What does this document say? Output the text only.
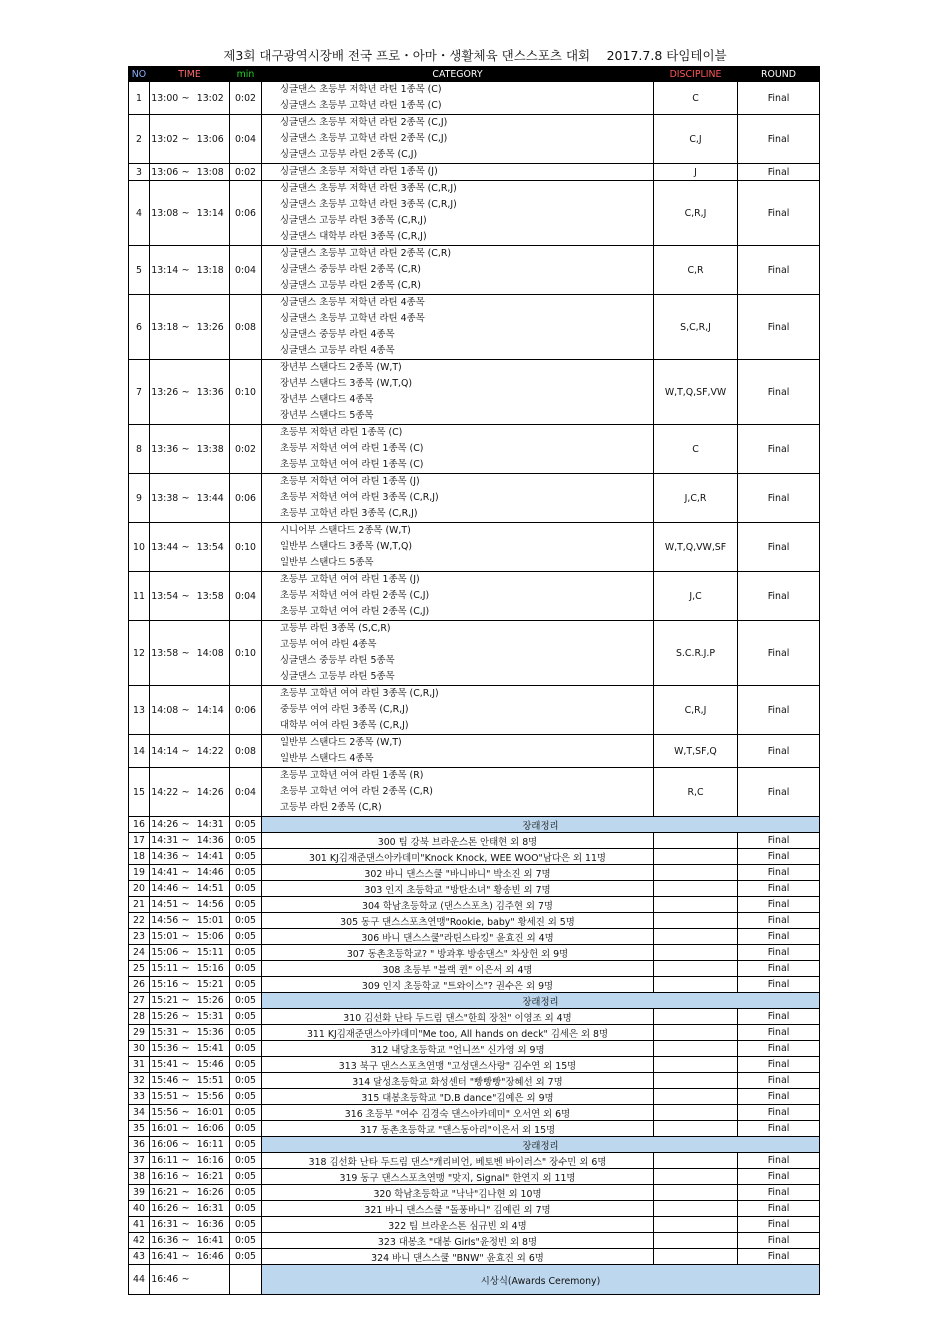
제3회 대구광역시장배 전국 프로・아마・생활체육 댄스스포츠 대회　 2017.7.8 타임테이블
NO	TIME			min	CATEGORY	DISCIPLINE	ROUND
1	13:00	~	13:02	0:02	싱글댄스 초등부 저학년 라틴 1종목 (C)
싱글댄스 초등부 고학년 라틴 1종목 (C)	C	Final
2	13:02	~	13:06	0:04	싱글댄스 초등부 저학년 라틴 2종목 (C,J)
싱글댄스 초등부 고학년 라틴 2종목 (C,J)
싱글댄스 고등부 라틴 2종목 (C,J)	C,J	Final
3	13:06	~	13:08	0:02	싱글댄스 초등부 저학년 라틴 1종목 (J)	J	Final
4	13:08	~	13:14	0:06	싱글댄스 초등부 저학년 라틴 3종목 (C,R,J)
싱글댄스 초등부 고학년 라틴 3종목 (C,R,J)
싱글댄스 고등부 라틴 3종목 (C,R,J)
싱글댄스 대학부 라틴 3종목 (C,R,J)	C,R,J	Final
5	13:14	~	13:18	0:04	싱글댄스 초등부 고학년 라틴 2종목 (C,R)
싱글댄스 중등부 라틴 2종목 (C,R)
싱글댄스 고등부 라틴 2종목 (C,R)	C,R	Final
6	13:18	~	13:26	0:08	싱글댄스 초등부 저학년 라틴 4종목
싱글댄스 초등부 고학년 라틴 4종목
싱글댄스 중등부 라틴 4종목
싱글댄스 고등부 라틴 4종목	S,C,R,J	Final
7	13:26	~	13:36	0:10	장년부 스탠다드 2종목 (W,T)
장년부 스탠다드 3종목 (W,T,Q)
장년부 스탠다드 4종목
장년부 스탠다드 5종목	W,T,Q,SF,VW	Final
8	13:36	~	13:38	0:02	초등부 저학년 라틴 1종목 (C)
초등부 저학년 여여 라틴 1종목 (C)
초등부 고학년 여여 라틴 1종목 (C)	C	Final
9	13:38	~	13:44	0:06	초등부 저학년 여여 라틴 1종목 (J)
초등부 저학년 여여 라틴 3종목 (C,R,J)
초등부 고학년 라틴 3종목 (C,R,J)	J,C,R	Final
10	13:44	~	13:54	0:10	시니어부 스탠다드 2종목 (W,T)
일반부 스탠다드 3종목 (W,T,Q)
일반부 스탠다드 5종목	W,T,Q,VW,SF	Final
11	13:54	~	13:58	0:04	초등부 고학년 여여 라틴 1종목 (J)
초등부 저학년 여여 라틴 2종목 (C,J)
초등부 고학년 여여 라틴 2종목 (C,J)	J,C	Final
12	13:58	~	14:08	0:10	고등부 라틴 3종목 (S,C,R)
고등부 여여 라틴 4종목
싱글댄스 중등부 라틴 5종목
싱글댄스 고등부 라틴 5종목	S.C.R.J.P	Final
13	14:08	~	14:14	0:06	초등부 고학년 여여 라틴 3종목 (C,R,J)
중등부 여여 라틴 3종목 (C,R,J)
대학부 여여 라틴 3종목 (C,R,J)	C,R,J	Final
14	14:14	~	14:22	0:08	일반부 스탠다드 2종목 (W,T)
일반부 스탠다드 4종목	W,T,SF,Q	Final
15	14:22	~	14:26	0:04	초등부 고학년 여여 라틴 1종목 (R)
초등부 고학년 여여 라틴 2종목 (C,R)
고등부 라틴 2종목 (C,R)	R,C	Final
16	14:26	~	14:31	0:05	장래정리		
17	14:31	~	14:36	0:05	300 팀 강북 브라운스톤 안태현 외 8명		Final
18	14:36	~	14:41	0:05	301 KJ김재준댄스아카데미"Knock Knock, WEE WOO"남다은 외 11명		Final
19	14:41	~	14:46	0:05	302 바니 댄스스쿨 "바니바니" 박소진 외 7명		Final
20	14:46	~	14:51	0:05	303 인지 초등학교 "방탄소녀" 황송빈 외 7명		Final
21	14:51	~	14:56	0:05	304 학남초등학교 (댄스스포츠) 김주현 외 7명		Final
22	14:56	~	15:01	0:05	305 동구 댄스스포츠연맹"Rookie, baby" 황세진 외 5명		Final
23	15:01	~	15:06	0:05	306 바니 댄스스쿨"라틴스타킹" 윤효진 외 4명		Final
24	15:06	~	15:11	0:05	307 동촌초등학교? " 방과후 방송댄스" 차상헌 외 9명		Final
25	15:11	~	15:16	0:05	308 초등부 "블랙 퀸" 이은서 외 4명		Final
26	15:16	~	15:21	0:05	309 인지 초등학교 "트와이스"? 권수은 외 9명		Final
27	15:21	~	15:26	0:05	장래정리		
28	15:26	~	15:31	0:05	310 김선화 난타 두드림 댄스"한희 장천" 이영조 외 4명		Final
29	15:31	~	15:36	0:05	311 KJ김재준댄스아카데미"Me too, All hands on deck" 김세은 외 8명		Final
30	15:36	~	15:41	0:05	312 내당초등학교 "언니쓰" 신가영 외 9명		Final
31	15:41	~	15:46	0:05	313 북구 댄스스포츠연맹 "고성댄스사랑" 김수연 외 15명		Final
32	15:46	~	15:51	0:05	314 달성초등학교 화성센터 "빵빵빵"장혜선 외 7명		Final
33	15:51	~	15:56	0:05	315 대봉초등학교 "D.B dance"김예은 외 9명		Final
34	15:56	~	16:01	0:05	316 초등부 "여수 김경숙 댄스아카데미" 오서연 외 6명		Final
35	16:01	~	16:06	0:05	317 동촌초등학교 "댄스동아리"이은서 외 15명		Final
36	16:06	~	16:11	0:05	장래정리		
37	16:11	~	16:16	0:05	318 김선화 난타 두드림 댄스"캐리비언, 베토벤 바이러스" 장수민 외 6명		Final
38	16:16	~	16:21	0:05	319 동구 댄스스포츠연맹 "맞지, Signal" 한연지 외 11명		Final
39	16:21	~	16:26	0:05	320 학남초등학교 "낙낙"김나현 외 10명		Final
40	16:26	~	16:31	0:05	321 바니 댄스스쿨 "돌풍바니" 김예린 외 7명		Final
41	16:31	~	16:36	0:05	322 팀 브라운스톤 심규빈 외 4명		Final
42	16:36	~	16:41	0:05	323 대봉초 "대봉 Girls"윤정빈 외 8명		Final
43	16:41	~	16:46	0:05	324 바니 댄스스쿨 "BNW" 윤효진 외 6명		Final
44	16:46	~			시상식(Awards Ceremony)		
